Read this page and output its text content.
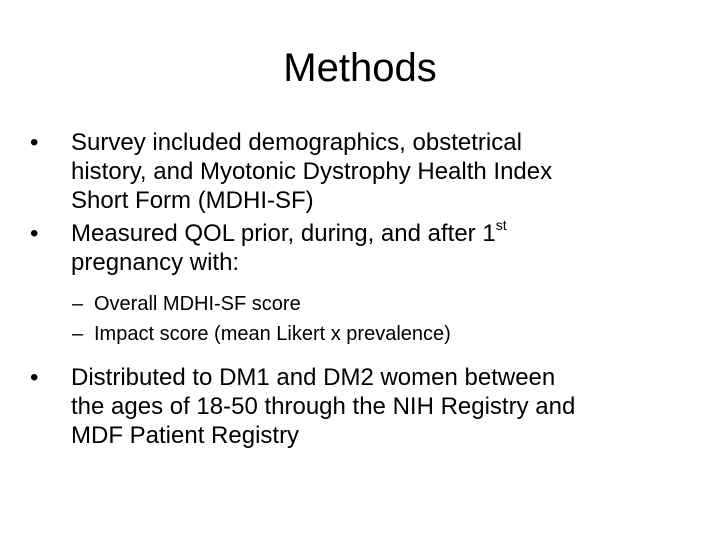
Methods
•	Survey included demographics, obstetrical
history, and Myotonic Dystrophy Health Index
Short Form (MDHI-SF)
•	Measured QOL prior, during, and after 1st
pregnancy with:
– Overall MDHI-SF score
– Impact score (mean Likert x prevalence)
•	Distributed to DM1 and DM2 women between
the ages of 18-50 through the NIH Registry and
MDF Patient Registry
